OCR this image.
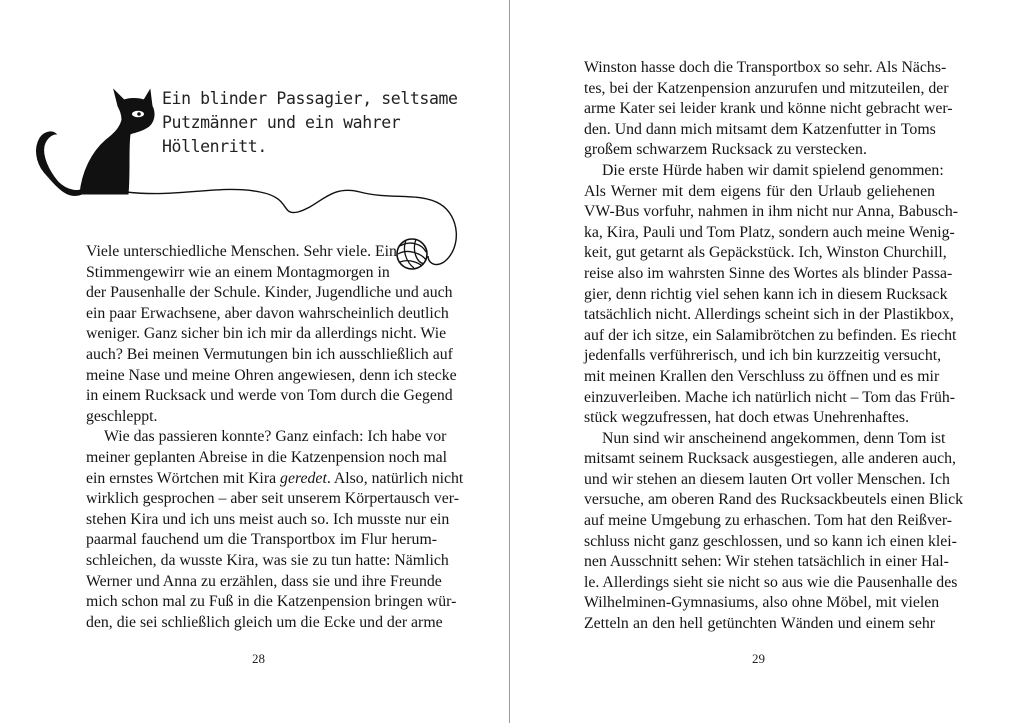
Ein blinder Passagier, seltsame
Putzmänner und ein wahrer
Höllenritt.
Viele unterschiedliche Menschen. Sehr viele. Ein
Stimmengewirr wie an einem Montagmorgen in
der Pausenhalle der Schule. Kinder, Jugendliche und auch
ein paar Erwachsene, aber davon wahrscheinlich deutlich
weniger. Ganz sicher bin ich mir da allerdings nicht. Wie
auch? Bei meinen Vermutungen bin ich ausschließlich auf
meine Nase und meine Ohren angewiesen, denn ich stecke
in einem Rucksack und werde von Tom durch die Gegend
geschleppt.
Wie das passieren konnte? Ganz einfach: Ich habe vor
meiner geplanten Abreise in die Katzenpension noch mal
ein ernstes Wörtchen mit Kira geredet. Also, natürlich nicht
wirklich gesprochen – aber seit unserem Körpertausch ver-
stehen Kira und ich uns meist auch so. Ich musste nur ein
paarmal fauchend um die Transportbox im Flur herum-
schleichen, da wusste Kira, was sie zu tun hatte: Nämlich
Werner und Anna zu erzählen, dass sie und ihre Freunde
mich schon mal zu Fuß in die Katzenpension bringen wür-
den, die sei schließlich gleich um die Ecke und der arme
28	29
Winston hasse doch die Transportbox so sehr. Als Nächs-
tes, bei der Katzenpension anzurufen und mitzuteilen, der
arme Kater sei leider krank und könne nicht gebracht wer-
den. Und dann mich mitsamt dem Katzenfutter in Toms
großem schwarzem Rucksack zu verstecken.
Die erste Hürde haben wir damit spielend genommen:
Als Werner mit dem eigens für den Urlaub geliehenen
VW-Bus vorfuhr, nahmen in ihm nicht nur Anna, Babusch-
ka, Kira, Pauli und Tom Platz, sondern auch meine Wenig-
keit, gut getarnt als Gepäckstück. Ich, Winston Churchill,
reise also im wahrsten Sinne des Wortes als blinder Passa-
gier, denn richtig viel sehen kann ich in diesem Rucksack
tatsächlich nicht. Allerdings scheint sich in der Plastikbox,
auf der ich sitze, ein Salamibrötchen zu befinden. Es riecht
jedenfalls verführerisch, und ich bin kurzzeitig versucht,
mit meinen Krallen den Verschluss zu öffnen und es mir
einzuverleiben. Mache ich natürlich nicht – Tom das Früh-
stück wegzufressen, hat doch etwas Unehrenhaftes.
Nun sind wir anscheinend angekommen, denn Tom ist
mitsamt seinem Rucksack ausgestiegen, alle anderen auch,
und wir stehen an diesem lauten Ort voller Menschen. Ich
versuche, am oberen Rand des Rucksackbeutels einen Blick
auf meine Umgebung zu erhaschen. Tom hat den Reißver-
schluss nicht ganz geschlossen, und so kann ich einen klei-
nen Ausschnitt sehen: Wir stehen tatsächlich in einer Hal-
le. Allerdings sieht sie nicht so aus wie die Pausenhalle des
Wilhelminen-Gymnasiums, also ohne Möbel, mit vielen
Zetteln an den hell getünchten Wänden und einem sehr
